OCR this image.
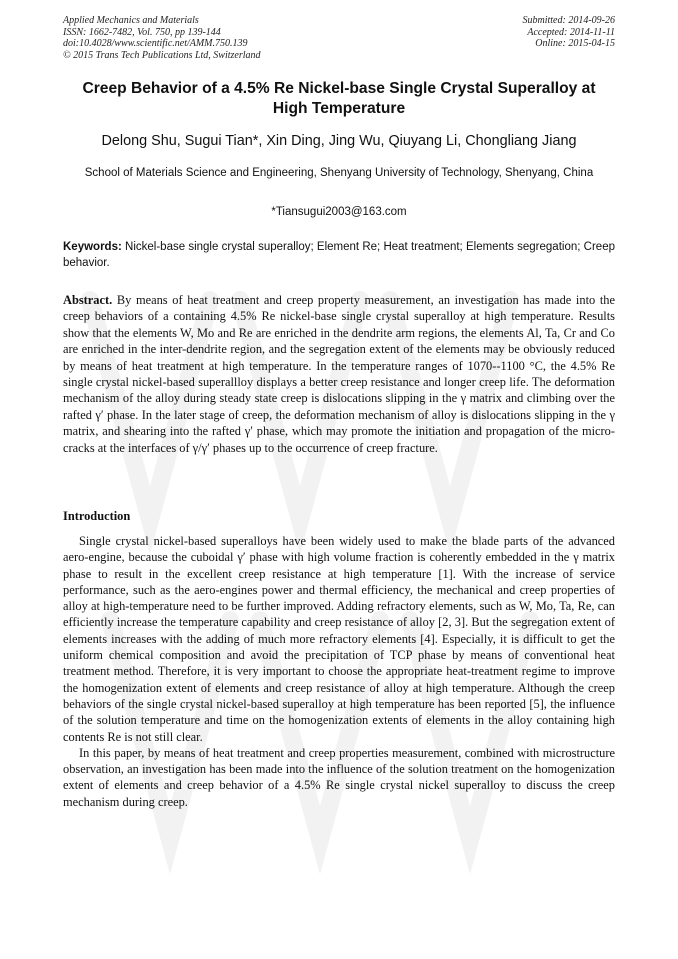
Applied Mechanics and Materials
ISSN: 1662-7482, Vol. 750, pp 139-144
doi:10.4028/www.scientific.net/AMM.750.139
© 2015 Trans Tech Publications Ltd, Switzerland
Submitted: 2014-09-26
Accepted: 2014-11-11
Online: 2015-04-15
Creep Behavior of a 4.5% Re Nickel-base Single Crystal Superalloy at High Temperature
Delong Shu, Sugui Tian*, Xin Ding, Jing Wu, Qiuyang Li, Chongliang Jiang
School of Materials Science and Engineering, Shenyang University of Technology, Shenyang, China
*Tiansugui2003@163.com
Keywords: Nickel-base single crystal superalloy; Element Re; Heat treatment; Elements segregation; Creep behavior.
Abstract. By means of heat treatment and creep property measurement, an investigation has made into the creep behaviors of a containing 4.5% Re nickel-base single crystal superalloy at high temperature. Results show that the elements W, Mo and Re are enriched in the dendrite arm regions, the elements Al, Ta, Cr and Co are enriched in the inter-dendrite region, and the segregation extent of the elements may be obviously reduced by means of heat treatment at high temperature. In the temperature ranges of 1070--1100 °C, the 4.5% Re single crystal nickel-based superallloy displays a better creep resistance and longer creep life. The deformation mechanism of the alloy during steady state creep is dislocations slipping in the γ matrix and climbing over the rafted γ′ phase. In the later stage of creep, the deformation mechanism of alloy is dislocations slipping in the γ matrix, and shearing into the rafted γ′ phase, which may promote the initiation and propagation of the micro-cracks at the interfaces of γ/γ′ phases up to the occurrence of creep fracture.
Introduction

Single crystal nickel-based superalloys have been widely used to make the blade parts of the advanced aero-engine, because the cuboidal γ′ phase with high volume fraction is coherently embedded in the γ matrix phase to result in the excellent creep resistance at high temperature [1]. With the increase of service performance, such as the aero-engines power and thermal efficiency, the mechanical and creep properties of alloy at high-temperature need to be further improved. Adding refractory elements, such as W, Mo, Ta, Re, can efficiently increase the temperature capability and creep resistance of alloy [2, 3]. But the segregation extent of elements increases with the adding of much more refractory elements [4]. Especially, it is difficult to get the uniform chemical composition and avoid the precipitation of TCP phase by means of conventional heat treatment method. Therefore, it is very important to choose the appropriate heat-treatment regime to improve the homogenization extent of elements and creep resistance of alloy at high temperature. Although the creep behaviors of the single crystal nickel-based superalloy at high temperature has been reported [5], the influence of the solution temperature and time on the homogenization extents of elements in the alloy containing high contents Re is not still clear.

In this paper, by means of heat treatment and creep properties measurement, combined with microstructure observation, an investigation has been made into the influence of the solution treatment on the homogenization extent of elements and creep behavior of a 4.5% Re single crystal nickel superalloy to discuss the creep mechanism during creep.
